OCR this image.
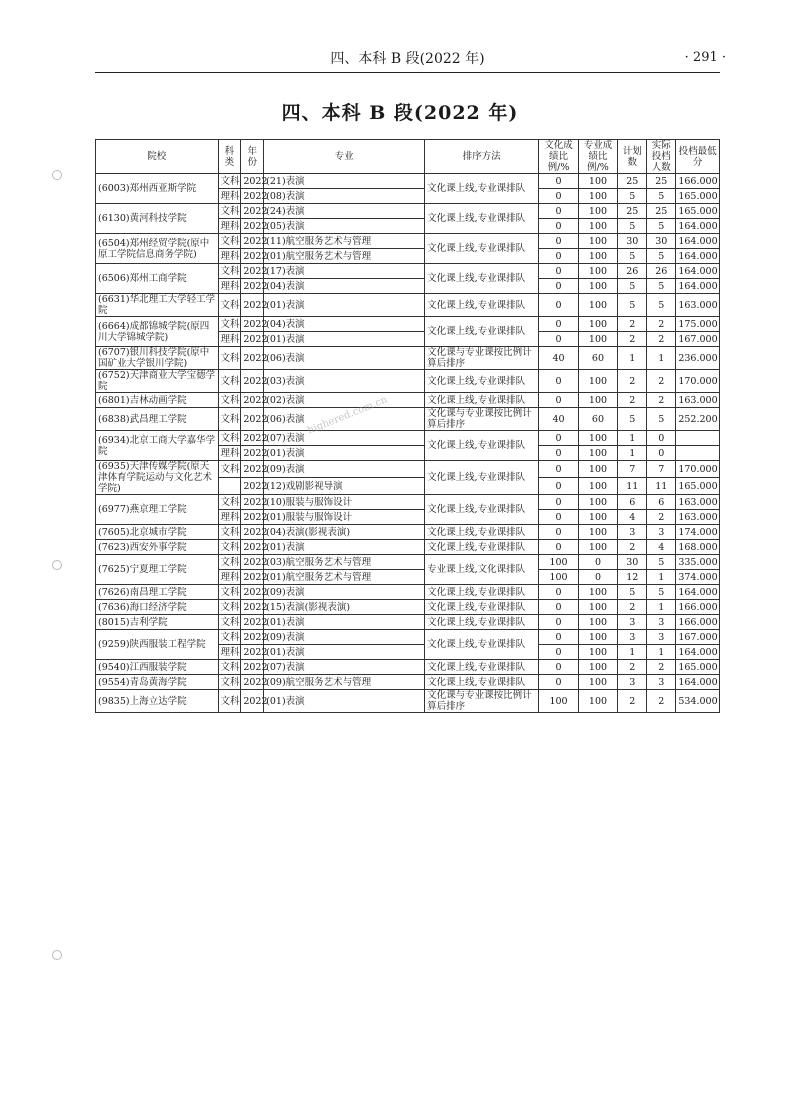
四、本科 B 段(2022 年)	· 291 ·
四、本科 B 段(2022 年)
院校	科类	年份	专业	排序方法	文化成绩比例/%	专业成绩比例/%	计划数	实际投档人数	投档最低分
(6003)郑州西亚斯学院	文科	2022	(21)表演	文化课上线,专业课排队	0	100	25	25	166.000
	理科	2022	(08)表演		0	100	5	5	165.000
(6130)黄河科技学院	文科	2022	(24)表演	文化课上线,专业课排队	0	100	25	25	165.000
	理科	2022	(05)表演		0	100	5	5	164.000
(6504)郑州经贸学院(原中原工学院信息商务学院)	文科	2022	(11)航空服务艺术与管理	文化课上线,专业课排队	0	100	30	30	164.000
	理科	2022	(01)航空服务艺术与管理		0	100	5	5	164.000
(6506)郑州工商学院	文科	2022	(17)表演	文化课上线,专业课排队	0	100	26	26	164.000
	理科	2022	(04)表演		0	100	5	5	164.000
(6631)华北理工大学轻工学院	文科	2022	(01)表演	文化课上线,专业课排队	0	100	5	5	163.000
(6664)成都锦城学院(原四川大学锦城学院)	文科	2022	(04)表演	文化课上线,专业课排队	0	100	2	2	175.000
	理科	2022	(01)表演		0	100	2	2	167.000
(6707)银川科技学院(原中国矿业大学银川学院)	文科	2022	(06)表演	文化课与专业课按比例计算后排序	40	60	1	1	236.000
(6752)天津商业大学宝德学院	文科	2022	(03)表演	文化课上线,专业课排队	0	100	2	2	170.000
(6801)吉林动画学院	文科	2022	(02)表演	文化课上线,专业课排队	0	100	2	2	163.000
(6838)武昌理工学院	文科	2022	(06)表演	文化课与专业课按比例计算后排序	40	60	5	5	252.200
(6934)北京工商大学嘉华学院	文科	2022	(07)表演	文化课上线,专业课排队	0	100	1	0	
	理科	2022	(01)表演		0	100	1	0	
(6935)天津传媒学院(原天津体育学院运动与文化艺术学院)	文科	2022	(09)表演	文化课上线,专业课排队	0	100	7	7	170.000
		2022	(12)戏剧影视导演		0	100	11	11	165.000
(6977)燕京理工学院	文科	2022	(10)服装与服饰设计	文化课上线,专业课排队	0	100	6	6	163.000
	理科	2022	(01)服装与服饰设计		0	100	4	2	163.000
(7605)北京城市学院	文科	2022	(04)表演(影视表演)	文化课上线,专业课排队	0	100	3	3	174.000
(7623)西安外事学院	文科	2022	(01)表演	文化课上线,专业课排队	0	100	2	4	168.000
(7625)宁夏理工学院	文科	2022	(03)航空服务艺术与管理	专业课上线,文化课排队	100	0	30	5	335.000
	理科	2022	(01)航空服务艺术与管理		100	0	12	1	374.000
(7626)南昌理工学院	文科	2022	(09)表演	文化课上线,专业课排队	0	100	5	5	164.000
(7636)海口经济学院	文科	2022	(15)表演(影视表演)	文化课上线,专业课排队	0	100	2	1	166.000
(8015)吉利学院	文科	2022	(01)表演	文化课上线,专业课排队	0	100	3	3	166.000
(9259)陕西服装工程学院	文科	2022	(09)表演	文化课上线,专业课排队	0	100	3	3	167.000
	理科	2022	(01)表演		0	100	1	1	164.000
(9540)江西服装学院	文科	2022	(07)表演	文化课上线,专业课排队	0	100	2	2	165.000
(9554)青岛黄海学院	文科	2022	(09)航空服务艺术与管理	文化课上线,专业课排队	0	100	3	3	164.000
(9835)上海立达学院	文科	2022	(01)表演	文化课与专业课按比例计算后排序	100	100	2	2	534.000
highered.com.cn
